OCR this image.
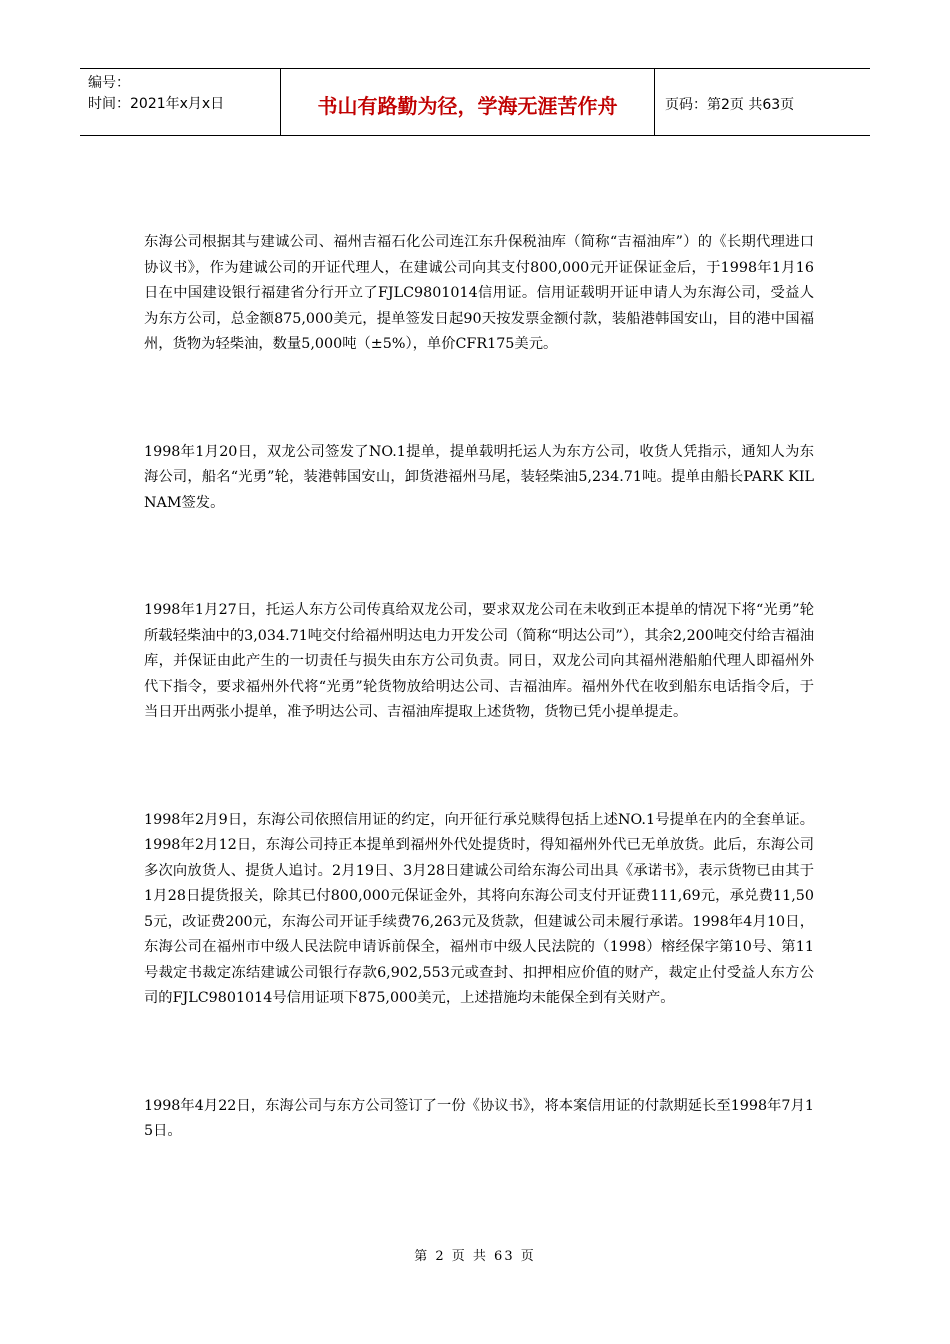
编号：
时间：2021年x月x日	书山有路勤为径，学海无涯苦作舟	页码：第2页 共63页

东海公司根据其与建诚公司、福州吉福石化公司连江东升保税油库（简称“吉福油库”）的《长期代理进口协议书》，作为建诚公司的开证代理人，在建诚公司向其支付800,000元开证保证金后，于1998年1月16日在中国建设银行福建省分行开立了FJLC9801014信用证。信用证载明开证申请人为东海公司，受益人为东方公司，总金额875,000美元，提单签发日起90天按发票金额付款，装船港韩国安山，目的港中国福州，货物为轻柴油，数量5,000吨（±5%），单价CFR175美元。

1998年1月20日，双龙公司签发了NO.1提单，提单载明托运人为东方公司，收货人凭指示，通知人为东海公司，船名“光勇”轮，装港韩国安山，卸货港福州马尾，装轻柴油5,234.71吨。提单由船长PARK KIL NAM签发。

1998年1月27日，托运人东方公司传真给双龙公司，要求双龙公司在未收到正本提单的情况下将“光勇”轮所载轻柴油中的3,034.71吨交付给福州明达电力开发公司（简称“明达公司”），其余2,200吨交付给吉福油库，并保证由此产生的一切责任与损失由东方公司负责。同日，双龙公司向其福州港船舶代理人即福州外代下指令，要求福州外代将“光勇”轮货物放给明达公司、吉福油库。福州外代在收到船东电话指令后，于当日开出两张小提单，准予明达公司、吉福油库提取上述货物，货物已凭小提单提走。

1998年2月9日，东海公司依照信用证的约定，向开征行承兑赎得包括上述NO.1号提单在内的全套单证。1998年2月12日，东海公司持正本提单到福州外代处提货时，得知福州外代已无单放货。此后，东海公司多次向放货人、提货人追讨。2月19日、3月28日建诚公司给东海公司出具《承诺书》，表示货物已由其于1月28日提货报关，除其已付800,000元保证金外，其将向东海公司支付开证费111,69元，承兑费11,505元，改证费200元，东海公司开证手续费76,263元及货款，但建诚公司未履行承诺。1998年4月10日，东海公司在福州市中级人民法院申请诉前保全，福州市中级人民法院的（1998）榕经保字第10号、第11号裁定书裁定冻结建诚公司银行存款6,902,553元或查封、扣押相应价值的财产，裁定止付受益人东方公司的FJLC9801014号信用证项下875,000美元，上述措施均未能保全到有关财产。

1998年4月22日，东海公司与东方公司签订了一份《协议书》，将本案信用证的付款期延长至1998年7月15日。

第 2 页 共 63 页
